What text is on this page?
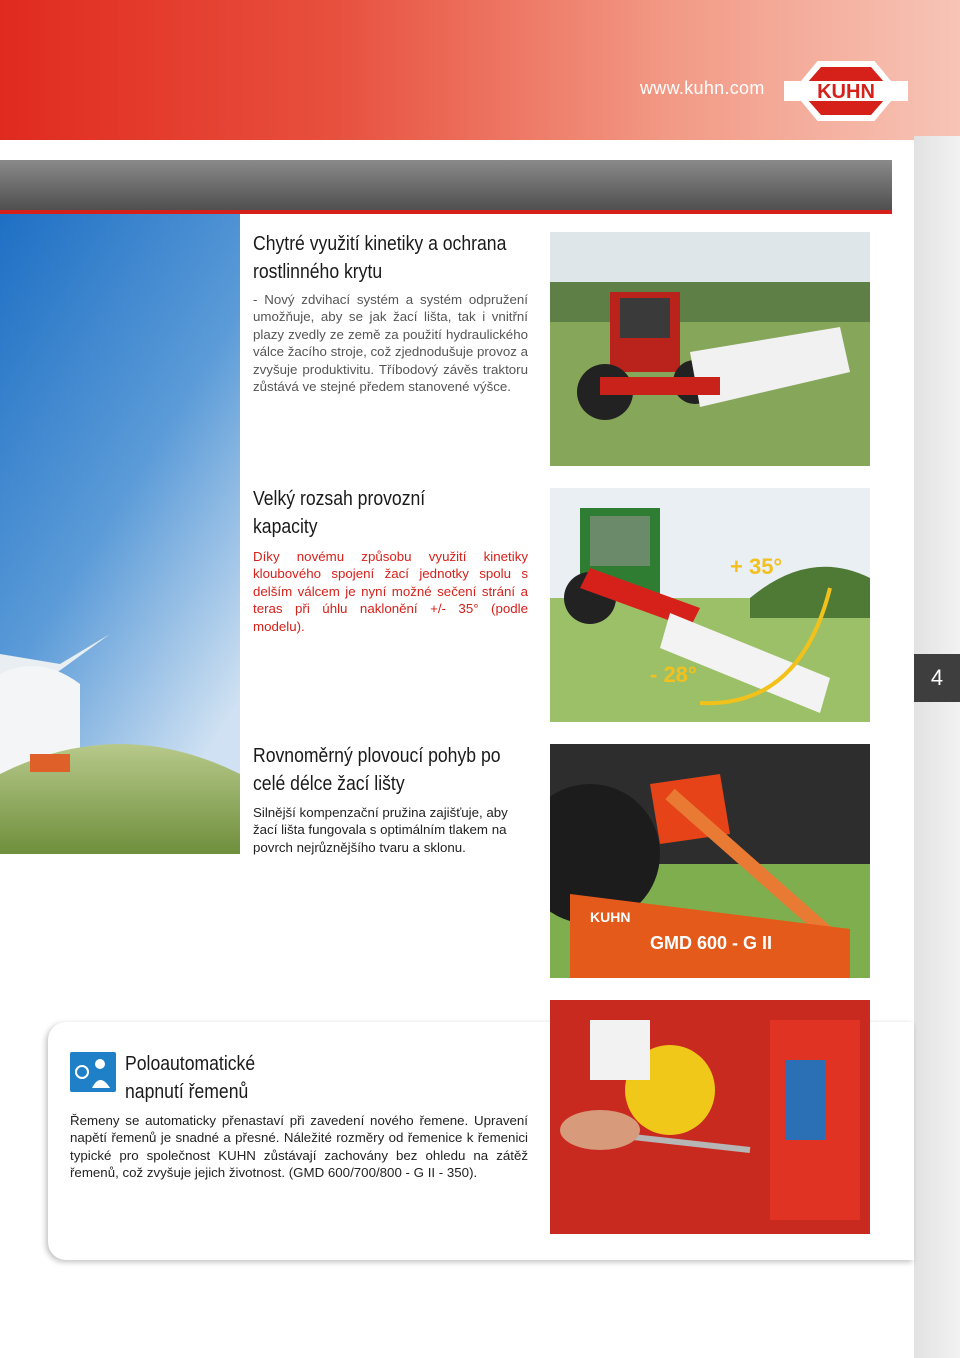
www.kuhn.com	KUHN
4
Chytré využití kinetiky a ochrana rostlinného krytu
- Nový zdvihací systém a systém odpružení umožňuje, aby se jak žací lišta, tak i vnitřní plazy zvedly ze země za použití hydraulického válce žacího stroje, což zjednodušuje provoz a zvyšuje produktivitu. Tříbodový závěs traktoru zůstává ve stejné předem stanovené výšce.
Velký rozsah provozní kapacity
Díky novému způsobu využití kinetiky kloubového spojení žací jednotky spolu s delším válcem je nyní možné sečení strání a teras při úhlu naklonění +/- 35° (podle modelu).
+ 35°
- 28°
Rovnoměrný plovoucí pohyb po celé délce žací lišty
Silnější kompenzační pružina zajišťuje, aby žací lišta fungovala s optimálním tlakem na povrch nejrůznějšího tvaru a sklonu.
GMD 600 - G II
KUHN
Poloautomatické napnutí řemenů
Řemeny se automaticky přenastaví při zavedení nového řemene. Upravení napětí řemenů je snadné a přesné. Náležité rozměry od řemenice k řemenici typické pro společnost KUHN zůstávají zachovány bez ohledu na zátěž řemenů, což zvyšuje jejich životnost. (GMD 600/700/800 - G II - 350).
